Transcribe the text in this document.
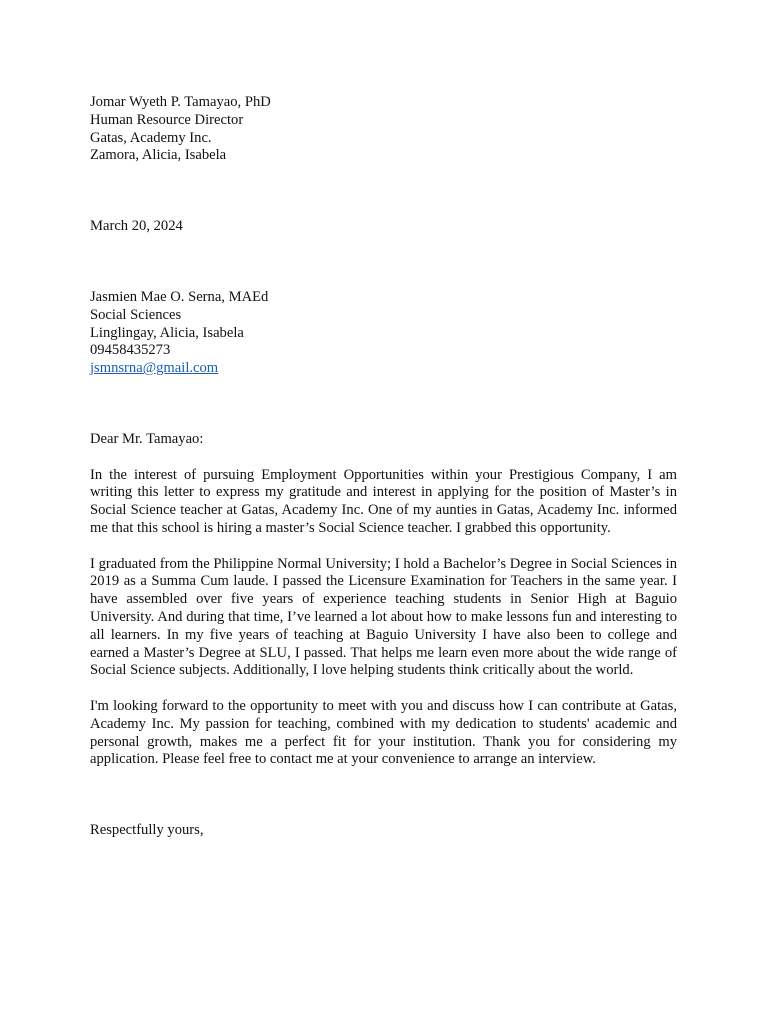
Jomar Wyeth P. Tamayao, PhD
Human Resource Director
Gatas, Academy Inc.
Zamora, Alicia, Isabela
March 20, 2024
Jasmien Mae O. Serna, MAEd
Social Sciences
Linglingay, Alicia, Isabela
09458435273
jsmnsrna@gmail.com
Dear Mr. Tamayao:

In the interest of pursuing Employment Opportunities within your Prestigious Company, I am writing this letter to express my gratitude and interest in applying for the position of Master’s in Social Science teacher at Gatas, Academy Inc. One of my aunties in Gatas, Academy Inc. informed me that this school is hiring a master’s Social Science teacher. I grabbed this opportunity.

I graduated from the Philippine Normal University; I hold a Bachelor’s Degree in Social Sciences in 2019 as a Summa Cum laude. I passed the Licensure Examination for Teachers in the same year. I have assembled over five years of experience teaching students in Senior High at Baguio University. And during that time, I’ve learned a lot about how to make lessons fun and interesting to all learners. In my five years of teaching at Baguio University I have also been to college and earned a Master’s Degree at SLU, I passed. That helps me learn even more about the wide range of Social Science subjects. Additionally, I love helping students think critically about the world.

I'm looking forward to the opportunity to meet with you and discuss how I can contribute at Gatas, Academy Inc. My passion for teaching, combined with my dedication to students' academic and personal growth, makes me a perfect fit for your institution. Thank you for considering my application. Please feel free to contact me at your convenience to arrange an interview.

Respectfully yours,
